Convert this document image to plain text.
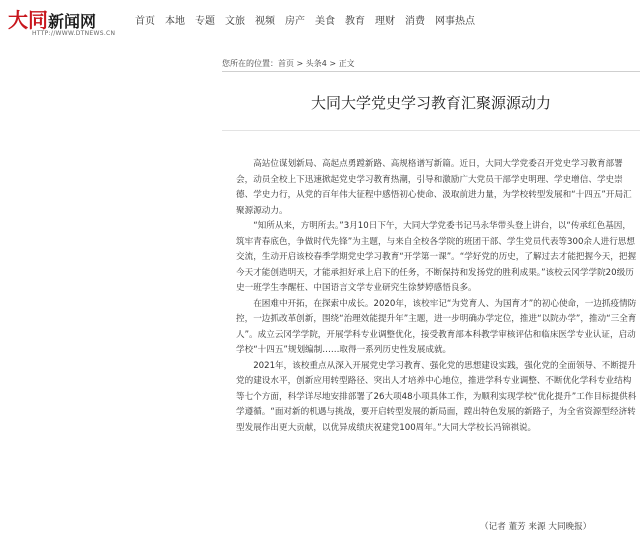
大同新闻网
HTTP://WWW.DTNEWS.CN
首页 本地 专题 文旅 视频 房产 美食 教育 理财 消费 网事热点
您所在的位置：首页 > 头条4 > 正文
大同大学党史学习教育汇聚源源动力

高站位谋划新局、高起点勇蹚新路、高规格谱写新篇。近日，大同大学党委召开党史学习教育部署会，动员全校上下迅速掀起党史学习教育热潮，引导和激励广大党员干部学史明理、学史增信、学史崇德、学史力行，从党的百年伟大征程中感悟初心使命、汲取前进力量，为学校转型发展和“十四五”开局汇聚源源动力。

“知所从来，方明所去。”3月10日下午，大同大学党委书记马永华带头登上讲台，以“传承红色基因，筑牢青春底色，争做时代先锋”为主题，与来自全校各学院的班团干部、学生党员代表等300余人进行思想交流，生动开启该校春季学期党史学习教育“开学第一课”。“学好党的历史，了解过去才能把握今天，把握今天才能创造明天，才能承担好承上启下的任务，不断保持和发扬党的胜利成果。”该校云冈学学院20级历史一班学生李醒枉、中国语言文学专业研究生徐梦婷感悟良多。

在困难中开拓，在探索中成长。2020年，该校牢记“为党育人、为国育才”的初心使命，一边抓疫情防控，一边抓改革创新，围绕“治理效能提升年”主题，进一步明确办学定位，推进“以院办学”，推动“三全育人”。成立云冈学学院，开展学科专业调整优化，接受教育部本科教学审核评估和临床医学专业认证，启动学校“十四五”规划编制……取得一系列历史性发展成就。

2021年，该校重点从深入开展党史学习教育、强化党的思想建设实践，强化党的全面领导、不断提升党的建设水平，创新应用转型路径、突出人才培养中心地位，推进学科专业调整、不断优化学科专业结构等七个方面，科学详尽地安排部署了26大项48小项具体工作，为顺利实现学校“优化提升”工作目标提供科学遵循。“面对新的机遇与挑战，要开启转型发展的新局面，蹚出特色发展的新路子，为全省资源型经济转型发展作出更大贡献，以优异成绩庆祝建党100周年。”大同大学校长冯锦祺说。

（记者 董芳 来源 大同晚报）
